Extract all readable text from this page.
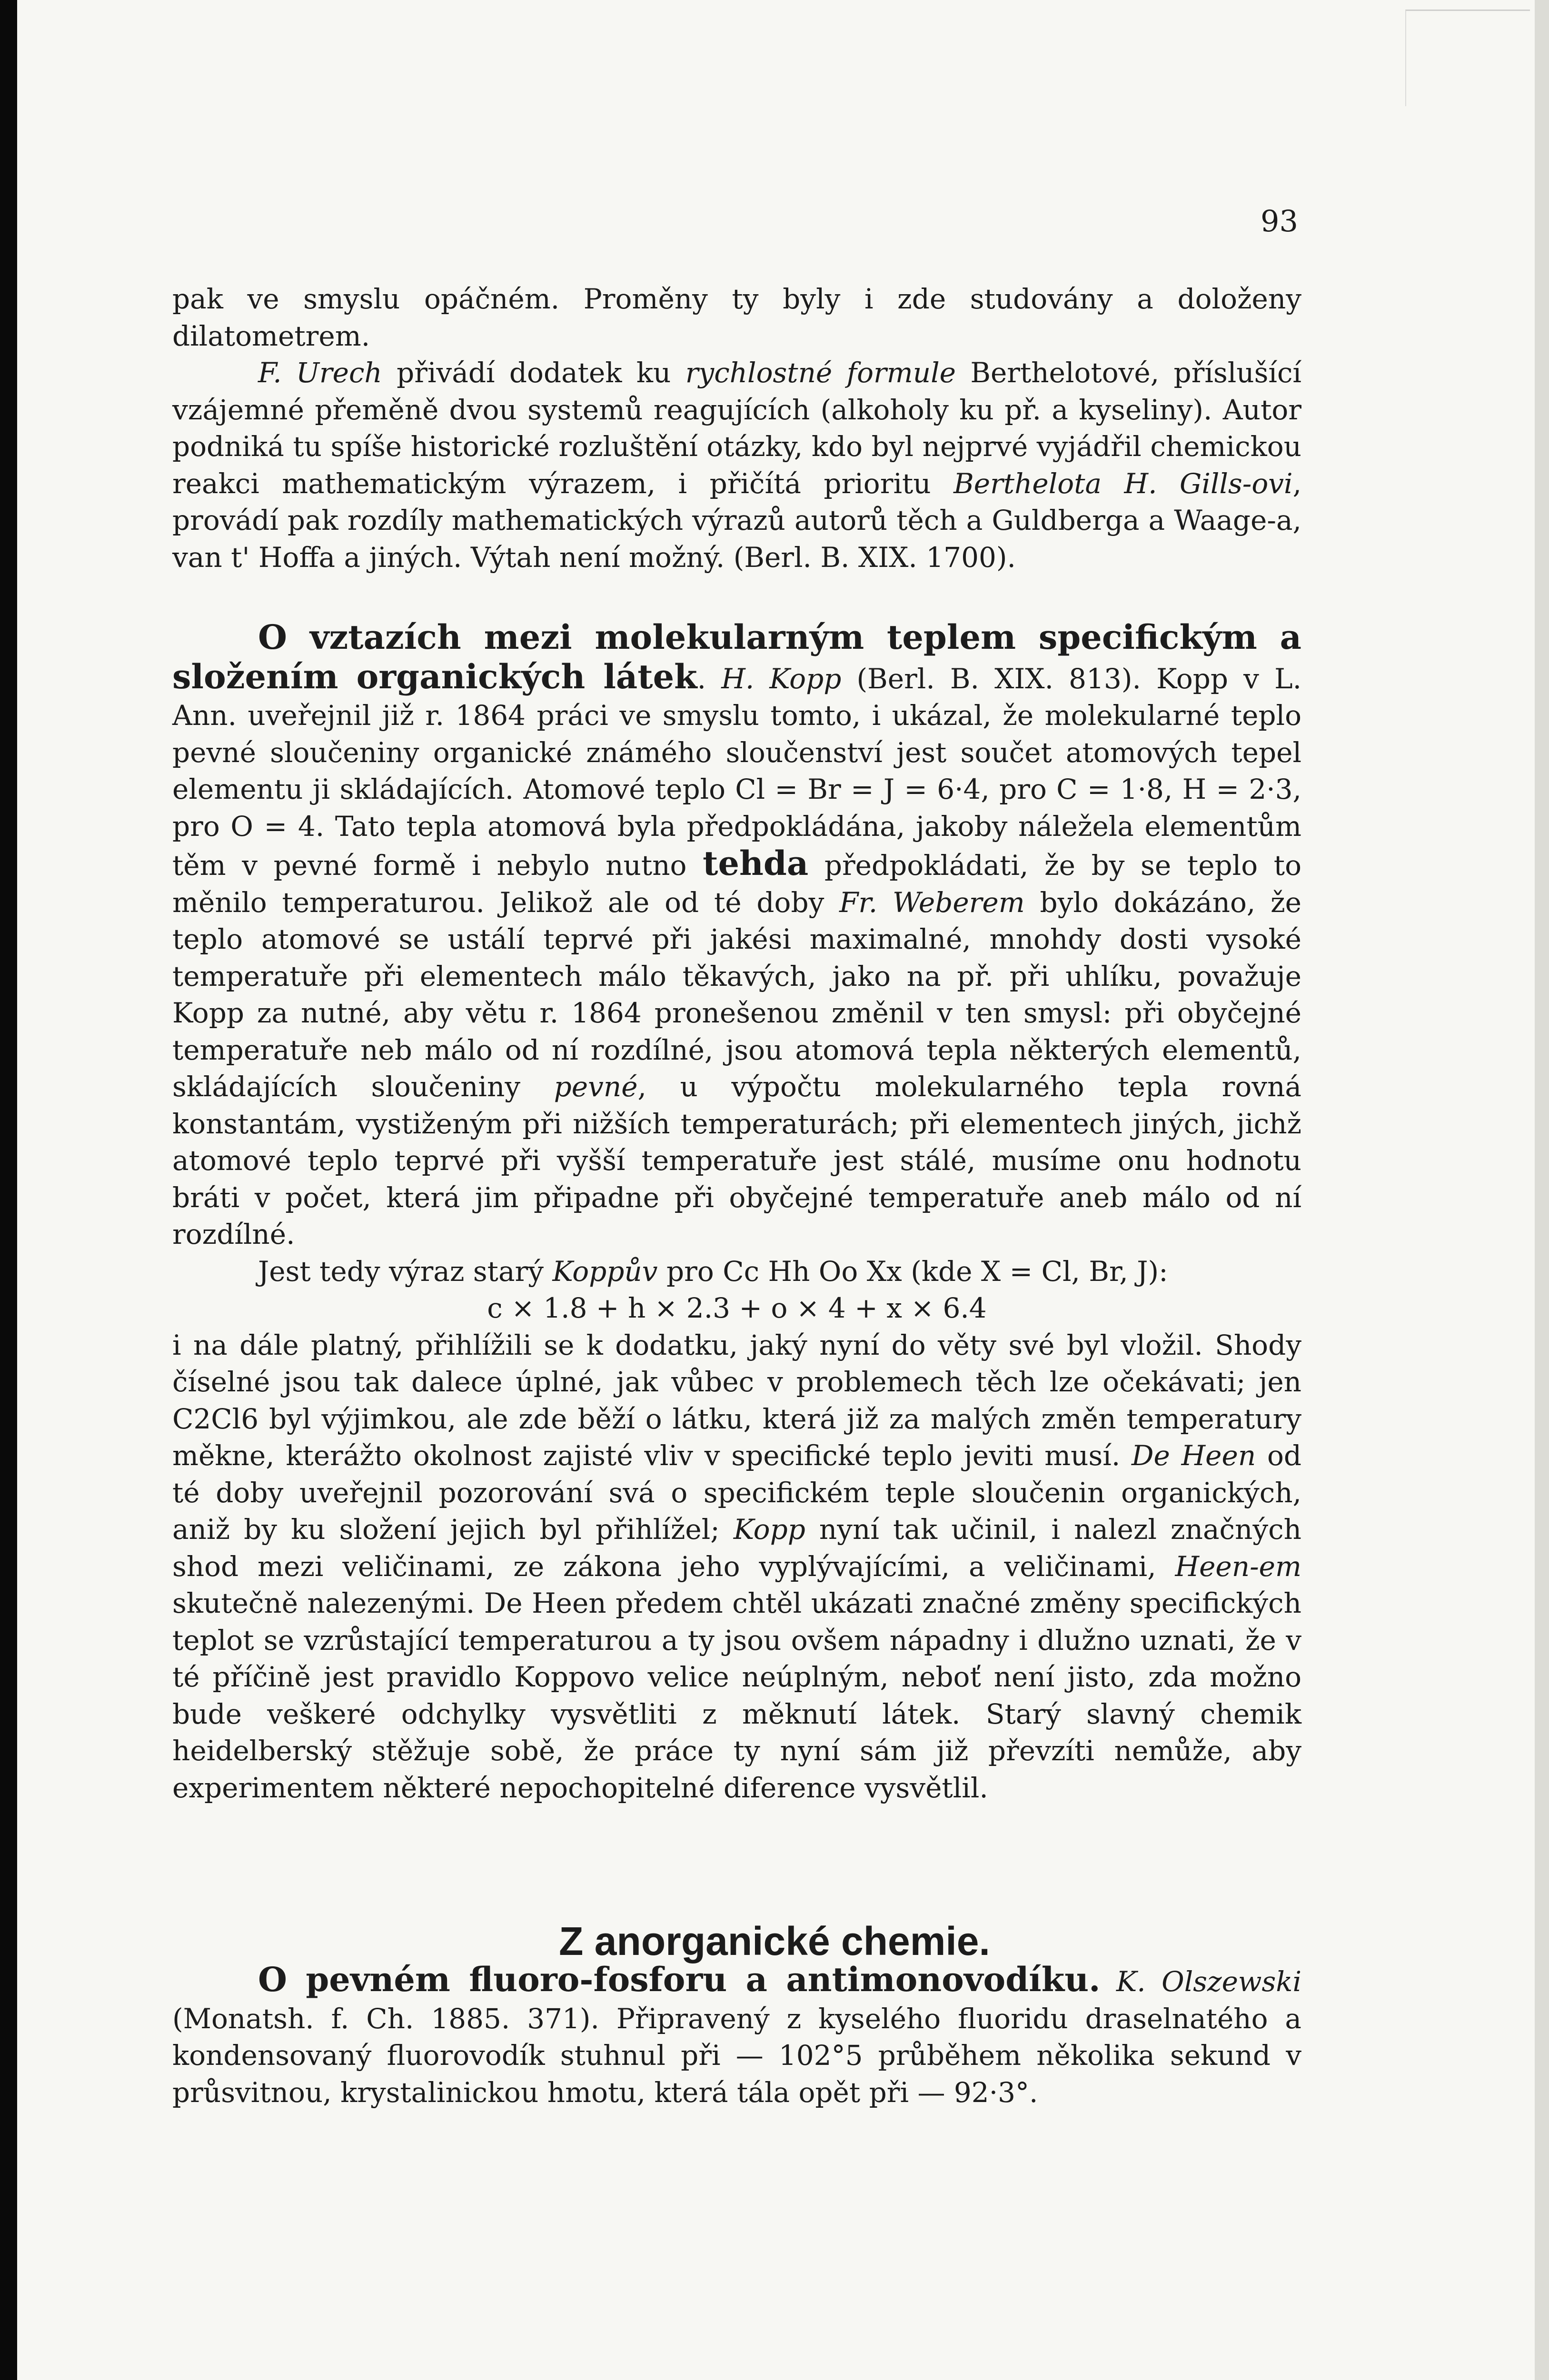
93

pak ve smyslu opáčném. Proměny ty byly i zde studovány a doloženy dilatometrem.

F. Urech přivádí dodatek ku rychlostné formule Berthelotové, příslušící vzájemné přeměně dvou systemů reagujících (alkoholy ku př. a kyseliny). Autor podniká tu spíše historické rozluštění otázky, kdo byl nejprvé vyjádřil chemickou reakci mathematickým výrazem, i přičítá prioritu Berthelota H. Gills-ovi, provádí pak rozdíly mathematických výrazů autorů těch a Guldberga a Waage-a, van t' Hoffa a jiných. Výtah není možný. (Berl. B. XIX. 1700).

O vztazích mezi molekularným teplem specifickým a složením organických látek. H. Kopp (Berl. B. XIX. 813). Kopp v L. Ann. uveřejnil již r. 1864 práci ve smyslu tomto, i ukázal, že molekularné teplo pevné sloučeniny organické známého sloučenství jest součet atomových tepel elementu ji skládajících. Atomové teplo Cl = Br = J = 6·4, pro C = 1·8, H = 2·3, pro O = 4. Tato tepla atomová byla předpokládána, jakoby náležela elementům těm v pevné formě i nebylo nutno tehda předpokládati, že by se teplo to měnilo temperaturou. Jelikož ale od té doby Fr. Weberem bylo dokázáno, že teplo atomové se ustálí teprvé při jakési maximalné, mnohdy dosti vysoké temperatuře při elementech málo těkavých, jako na př. při uhlíku, považuje Kopp za nutné, aby větu r. 1864 pronešenou změnil v ten smysl: při obyčejné temperatuře neb málo od ní rozdílné, jsou atomová tepla některých elementů, skládajících sloučeniny pevné, u výpočtu molekularného tepla rovná konstantám, vystiženým při nižších temperaturách; při elementech jiných, jichž atomové teplo teprvé při vyšší temperatuře jest stálé, musíme onu hodnotu bráti v počet, která jim připadne při obyčejné temperatuře aneb málo od ní rozdílné.

Jest tedy výraz starý Koppův pro Cc Hh Oo Xx (kde X = Cl, Br, J):

c × 1.8 + h × 2.3 + o × 4 + x × 6.4

i na dále platný, přihlížili se k dodatku, jaký nyní do věty své byl vložil. Shody číselné jsou tak dalece úplné, jak vůbec v problemech těch lze očekávati; jen C2Cl6 byl výjimkou, ale zde běží o látku, která již za malých změn temperatury měkne, kterážto okolnost zajisté vliv v specifické teplo jeviti musí. De Heen od té doby uveřejnil pozorování svá o specifickém teple sloučenin organických, aniž by ku složení jejich byl přihlížel; Kopp nyní tak učinil, i nalezl značných shod mezi veličinami, ze zákona jeho vyplývajícími, a veličinami, Heen-em skutečně nalezenými. De Heen předem chtěl ukázati značné změny specifických teplot se vzrůstající temperaturou a ty jsou ovšem nápadny i dlužno uznati, že v té příčině jest pravidlo Koppovo velice neúplným, neboť není jisto, zda možno bude veškeré odchylky vysvětliti z měknutí látek. Starý slavný chemik heidelberský stěžuje sobě, že práce ty nyní sám již převzíti nemůže, aby experimentem některé nepochopitelné diference vysvětlil.

Z anorganické chemie.

O pevném fluoro-fosforu a antimonovodíku. K. Olszewski (Monatsh. f. Ch. 1885. 371). Připravený z kyselého fluoridu draselnatého a kondensovaný fluorovodík stuhnul při — 102°5 průběhem několika sekund v průsvitnou, krystalinickou hmotu, která tála opět při — 92·3°.
